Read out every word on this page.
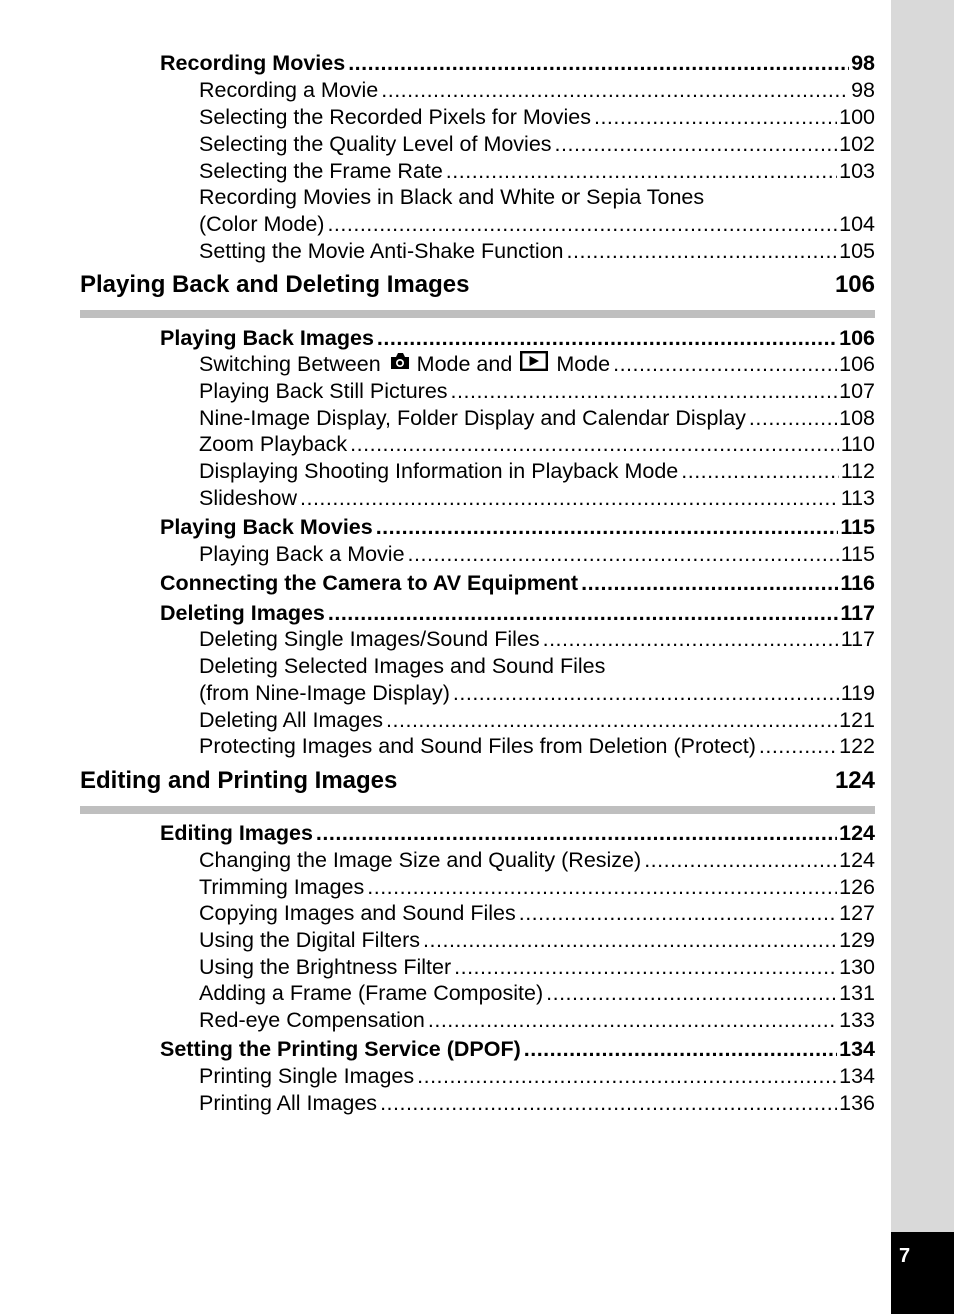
7
Recording Movies .....	98
Recording a Movie .....	98
Selecting the Recorded Pixels for Movies .....	100
Selecting the Quality Level of Movies .....	102
Selecting the Frame Rate .....	103
Recording Movies in Black and White or Sepia Tones
(Color Mode) .....	104
Setting the Movie Anti-Shake Function .....	105
Playing Back and Deleting Images	106
Playing Back Images .....	106
Switching Between Mode and Mode .....	106
Playing Back Still Pictures .....	107
Nine-Image Display, Folder Display and Calendar Display .....	108
Zoom Playback .....	110
Displaying Shooting Information in Playback Mode .....	112
Slideshow .....	113
Playing Back Movies .....	115
Playing Back a Movie .....	115
Connecting the Camera to AV Equipment .....	116
Deleting Images .....	117
Deleting Single Images/Sound Files .....	117
Deleting Selected Images and Sound Files
(from Nine-Image Display) .....	119
Deleting All Images .....	121
Protecting Images and Sound Files from Deletion (Protect) .....	122
Editing and Printing Images	124
Editing Images .....	124
Changing the Image Size and Quality (Resize) .....	124
Trimming Images .....	126
Copying Images and Sound Files .....	127
Using the Digital Filters .....	129
Using the Brightness Filter .....	130
Adding a Frame (Frame Composite) .....	131
Red-eye Compensation .....	133
Setting the Printing Service (DPOF) .....	134
Printing Single Images .....	134
Printing All Images .....	136
